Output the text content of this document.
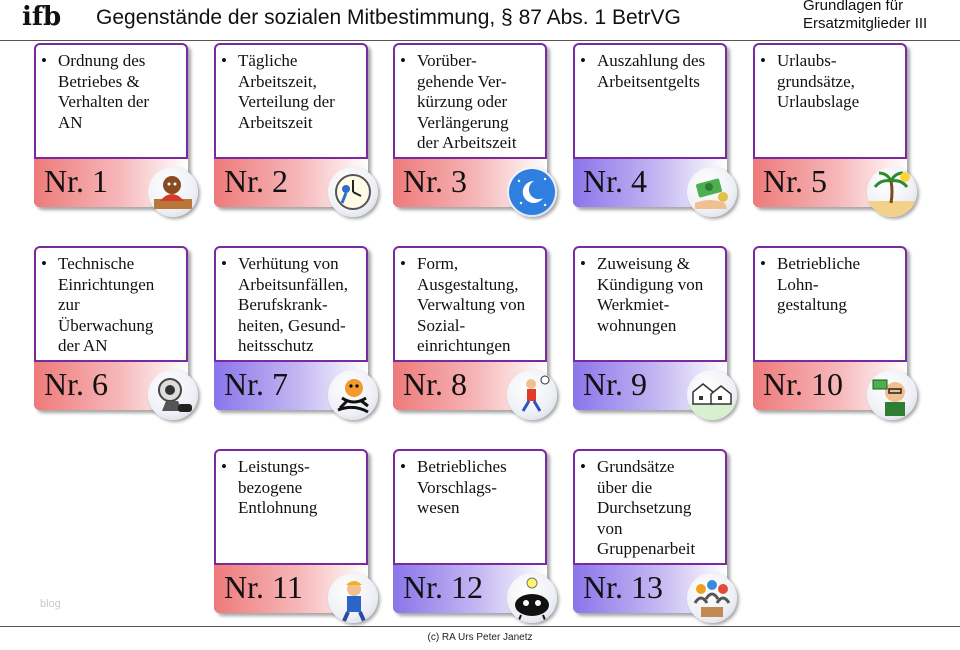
ifb Gegenstände der sozialen Mitbestimmung, § 87 Abs. 1 BetrVG
Grundlagen für Ersatzmitglieder III
• Ordnung des
Betriebes &
Verhalten der
AN
Nr. 1
• Tägliche
Arbeitszeit,
Verteilung der
Arbeitszeit
Nr. 2
• Vorüber-
gehende Ver-
kürzung oder
Verlängerung
der Arbeitszeit
Nr. 3
• Auszahlung des
Arbeitsentgelts
Nr. 4
• Urlaubs-
grundsätze,
Urlaubslage
Nr. 5
• Technische
Einrichtungen
zur
Überwachung
der AN
Nr. 6
• Verhütung von
Arbeitsunfällen,
Berufskrank-
heiten, Gesund-
heitsschutz
Nr. 7
• Form,
Ausgestaltung,
Verwaltung von
Sozial-
einrichtungen
Nr. 8
• Zuweisung &
Kündigung von
Werkmiet-
wohnungen
Nr. 9
• Betriebliche
Lohn-
gestaltung
Nr. 10
• Leistungs-
bezogene
Entlohnung
Nr. 11
• Betriebliches
Vorschlags-
wesen
Nr. 12
• Grundsätze
über die
Durchsetzung
von
Gruppenarbeit
Nr. 13
blog
(c) RA Urs Peter Janetz
